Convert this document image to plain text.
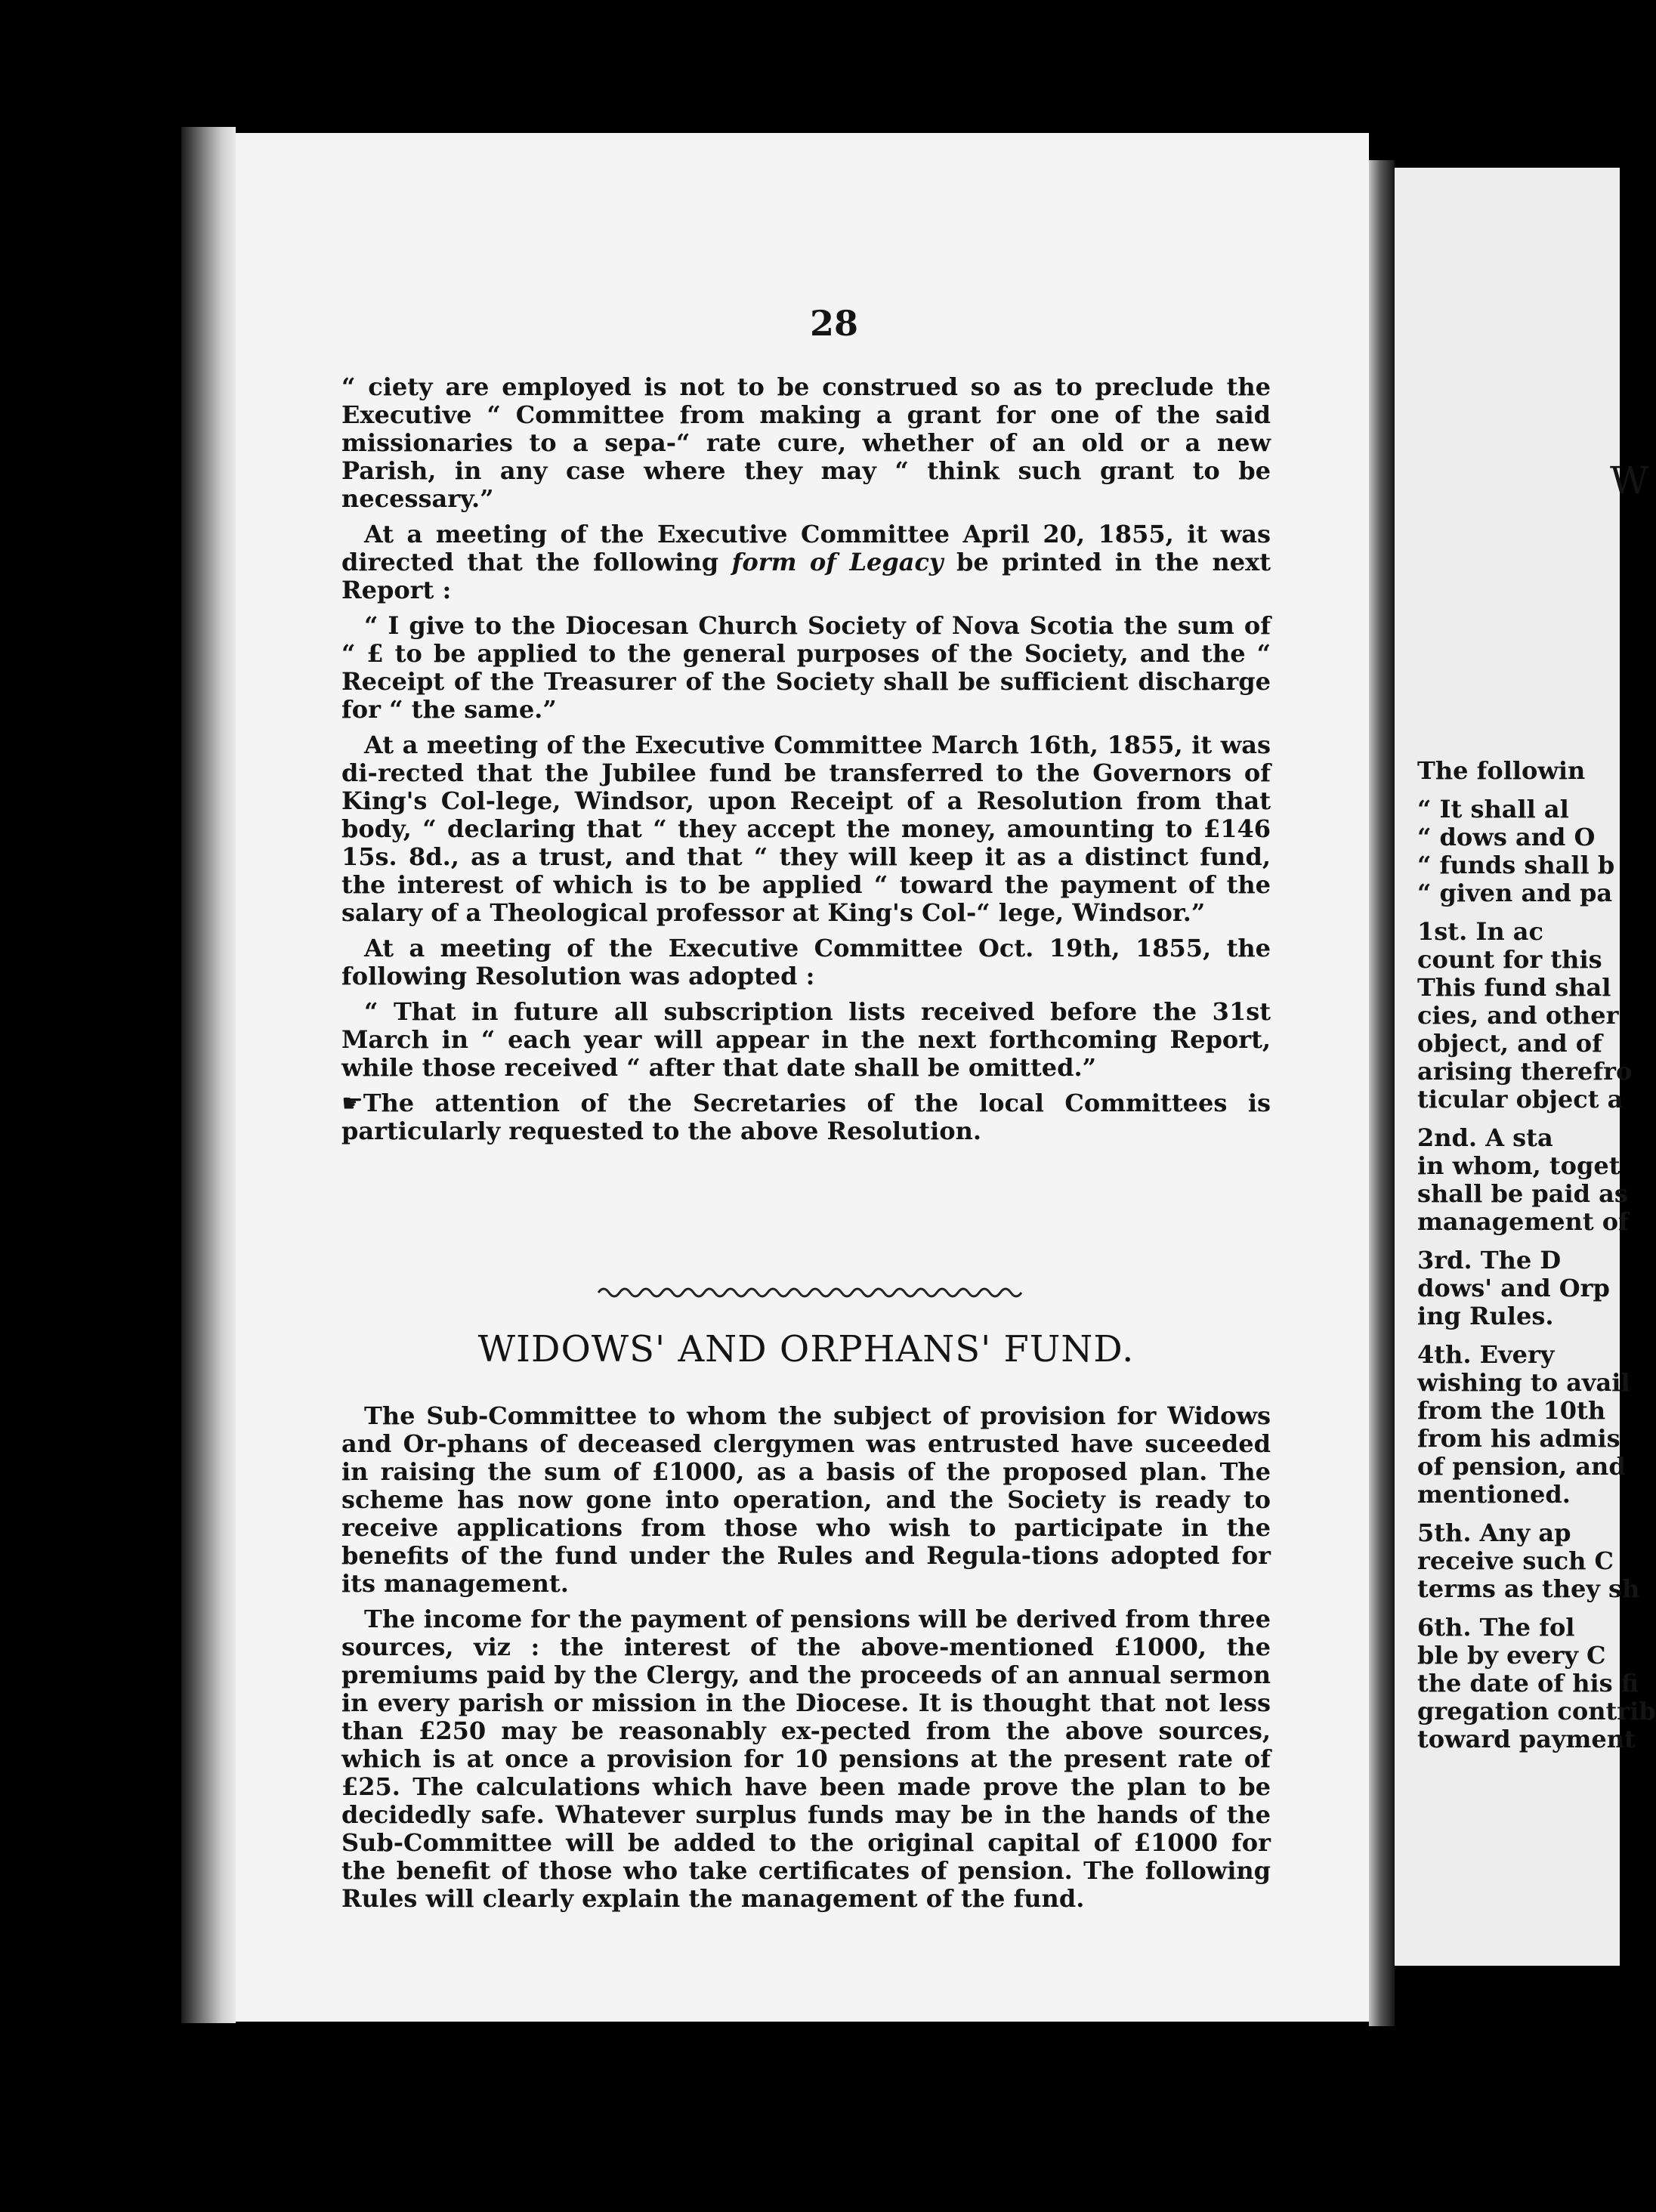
28

“ ciety are employed is not to be construed so as to preclude the Executive “ Committee from making a grant for one of the said missionaries to a sepa-“ rate cure, whether of an old or a new Parish, in any case where they may “ think such grant to be necessary.”

At a meeting of the Executive Committee April 20, 1855, it was directed that the following form of Legacy be printed in the next Report :

“ I give to the Diocesan Church Society of Nova Scotia the sum of “ £ to be applied to the general purposes of the Society, and the “ Receipt of the Treasurer of the Society shall be sufficient discharge for “ the same.”

At a meeting of the Executive Committee March 16th, 1855, it was di-rected that the Jubilee fund be transferred to the Governors of King's Col-lege, Windsor, upon Receipt of a Resolution from that body, “ declaring that “ they accept the money, amounting to £146 15s. 8d., as a trust, and that “ they will keep it as a distinct fund, the interest of which is to be applied “ toward the payment of the salary of a Theological professor at King's Col-“ lege, Windsor.”

At a meeting of the Executive Committee Oct. 19th, 1855, the following Resolution was adopted :

“ That in future all subscription lists received before the 31st March in “ each year will appear in the next forthcoming Report, while those received “ after that date shall be omitted.”

☛The attention of the Secretaries of the local Committees is particularly requested to the above Resolution.

WIDOWS' AND ORPHANS' FUND.

The Sub-Committee to whom the subject of provision for Widows and Or-phans of deceased clergymen was entrusted have suceeded in raising the sum of £1000, as a basis of the proposed plan. The scheme has now gone into operation, and the Society is ready to receive applications from those who wish to participate in the benefits of the fund under the Rules and Regula-tions adopted for its management.

The income for the payment of pensions will be derived from three sources, viz : the interest of the above-mentioned £1000, the premiums paid by the Clergy, and the proceeds of an annual sermon in every parish or mission in the Diocese. It is thought that not less than £250 may be reasonably ex-pected from the above sources, which is at once a provision for 10 pensions at the present rate of £25. The calculations which have been made prove the plan to be decidedly safe. Whatever surplus funds may be in the hands of the Sub-Committee will be added to the original capital of £1000 for the benefit of those who take certificates of pension. The following Rules will clearly explain the management of the fund.

W
The followin
“ It shall al
“ dows and O
“ funds shall b
“ given and pa
1st. In ac
count for this
This fund shal
cies, and other
object, and of
arising therefro
ticular object a
2nd. A sta
in whom, toget
shall be paid as
management of
3rd. The D
dows' and Orp
ing Rules.
4th. Every
wishing to avail
from the 10th
from his admis
of pension, and
mentioned.
5th. Any ap
receive such C
terms as they sh
6th. The fol
ble by every C
the date of his fi
gregation contrib
toward payment
